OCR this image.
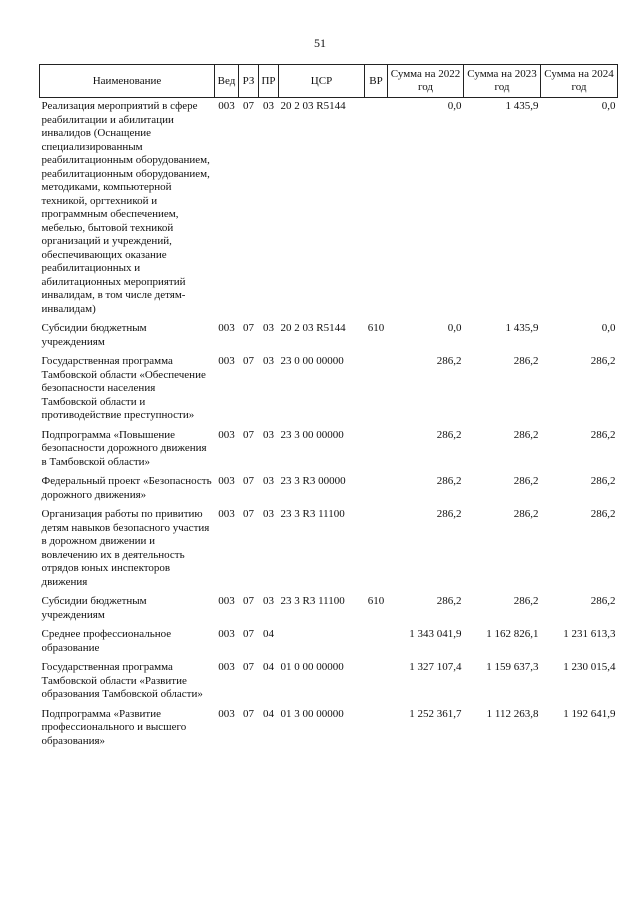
51
Наименование	Вед	РЗ	ПР	ЦСР	ВР	Сумма на 2022 год	Сумма на 2023 год	Сумма на 2024 год
Реализация мероприятий в сфере реабилитации и абилитации инвалидов (Оснащение специализированным реабилитационным оборудованием, реабилитационным оборудованием, методиками, компьютерной техникой, оргтехникой и программным обеспечением, мебелью, бытовой техникой организаций и учреждений, обеспечивающих оказание реабилитационных и абилитационных мероприятий инвалидам, в том числе детям-инвалидам)	003	07	03	20 2 03 R5144		0,0	1 435,9	0,0
Субсидии бюджетным учреждениям	003	07	03	20 2 03 R5144	610	0,0	1 435,9	0,0
Государственная программа Тамбовской области «Обеспечение безопасности населения Тамбовской области и противодействие преступности»	003	07	03	23 0 00 00000		286,2	286,2	286,2
Подпрограмма «Повышение безопасности дорожного движения в Тамбовской области»	003	07	03	23 3 00 00000		286,2	286,2	286,2
Федеральный проект «Безопасность дорожного движения»	003	07	03	23 3 R3 00000		286,2	286,2	286,2
Организация работы по привитию детям навыков безопасного участия в дорожном движении и вовлечению их в деятельность отрядов юных инспекторов движения	003	07	03	23 3 R3 11100		286,2	286,2	286,2
Субсидии бюджетным учреждениям	003	07	03	23 3 R3 11100	610	286,2	286,2	286,2
Среднее профессиональное образование	003	07	04			1 343 041,9	1 162 826,1	1 231 613,3
Государственная программа Тамбовской области «Развитие образования Тамбовской области»	003	07	04	01 0 00 00000		1 327 107,4	1 159 637,3	1 230 015,4
Подпрограмма «Развитие профессионального и высшего образования»	003	07	04	01 3 00 00000		1 252 361,7	1 112 263,8	1 192 641,9
